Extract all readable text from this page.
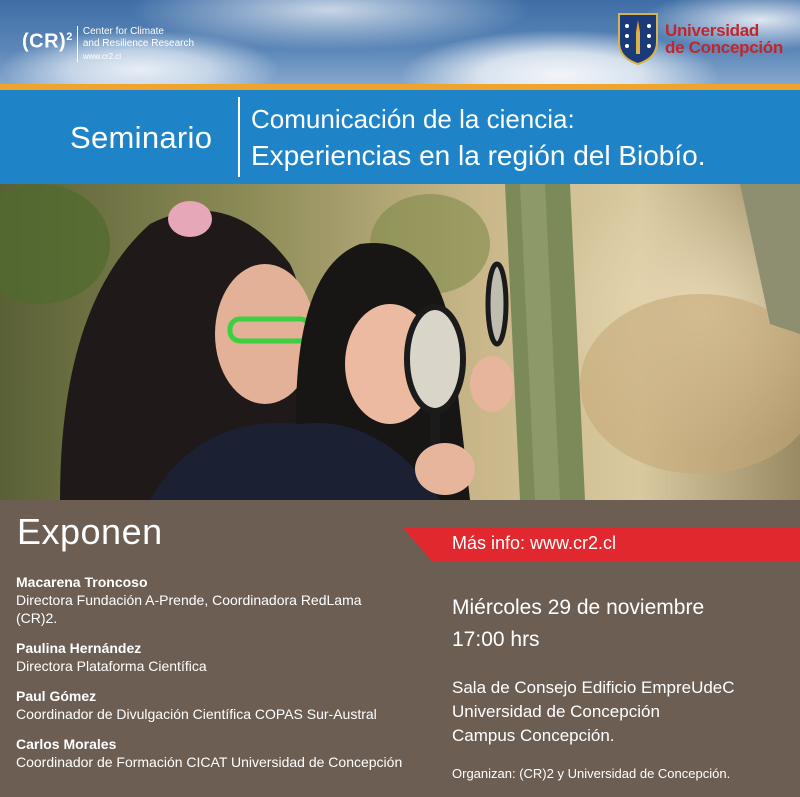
(CR)$^2$ Center for Climate
and Resilience Research
www.cr2.cl
Universidad
de Concepción
Seminario
Comunicación de la ciencia:
Experiencias en la región del Biobío.
Exponen	Más info: www.cr2.cl
Macarena Troncoso
Directora Fundación A-Prende, Coordinadora RedLama
(CR)2.
Paulina Hernández
Directora Plataforma Científica
Paul Gómez
Coordinador de Divulgación Científica COPAS Sur-Austral
Carlos Morales
Coordinador de Formación CICAT Universidad de Concepción
Miércoles 29 de noviembre
17:00 hrs
Sala de Consejo Edificio EmpreUdeC
Universidad de Concepción
Campus Concepción.
Organizan: (CR)2 y Universidad de Concepción.
